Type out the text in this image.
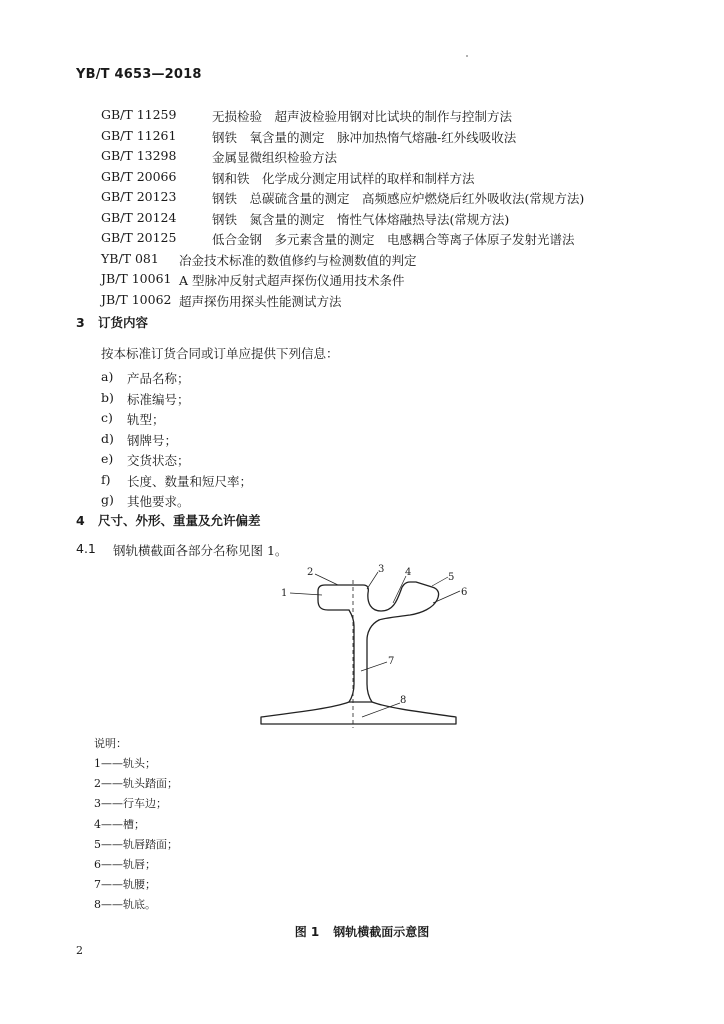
YB/T 4653—2018
GB/T 11259	无损检验　超声波检验用钢对比试块的制作与控制方法
GB/T 11261	钢铁　氧含量的测定　脉冲加热惰气熔融-红外线吸收法
GB/T 13298	金属显微组织检验方法
GB/T 20066	钢和铁　化学成分测定用试样的取样和制样方法
GB/T 20123	钢铁　总碳硫含量的测定　高频感应炉燃烧后红外吸收法(常规方法)
GB/T 20124	钢铁　氮含量的测定　惰性气体熔融热导法(常规方法)
GB/T 20125	低合金钢　多元素含量的测定　电感耦合等离子体原子发射光谱法
YB/T 081	冶金技术标准的数值修约与检测数值的判定
JB/T 10061 A 型脉冲反射式超声探伤仪通用技术条件
JB/T 10062 超声探伤用探头性能测试方法
3 订货内容
按本标准订货合同或订单应提供下列信息：
a)	产品名称；
b)	标准编号；
c)	轨型；
d)	钢牌号；
e)	交货状态；
f)	长度、数量和短尺率；
g)	其他要求。
4 尺寸、外形、重量及允许偏差
4.1	钢轨横截面各部分名称见图 1。
1
2	3 4	5
6
7
8
说明：
1——轨头；
2——轨头踏面；
3——行车边；
4——槽；
5——轨唇踏面；
6——轨唇；
7——轨腰；
8——轨底。
图 1 钢轨横截面示意图
2
